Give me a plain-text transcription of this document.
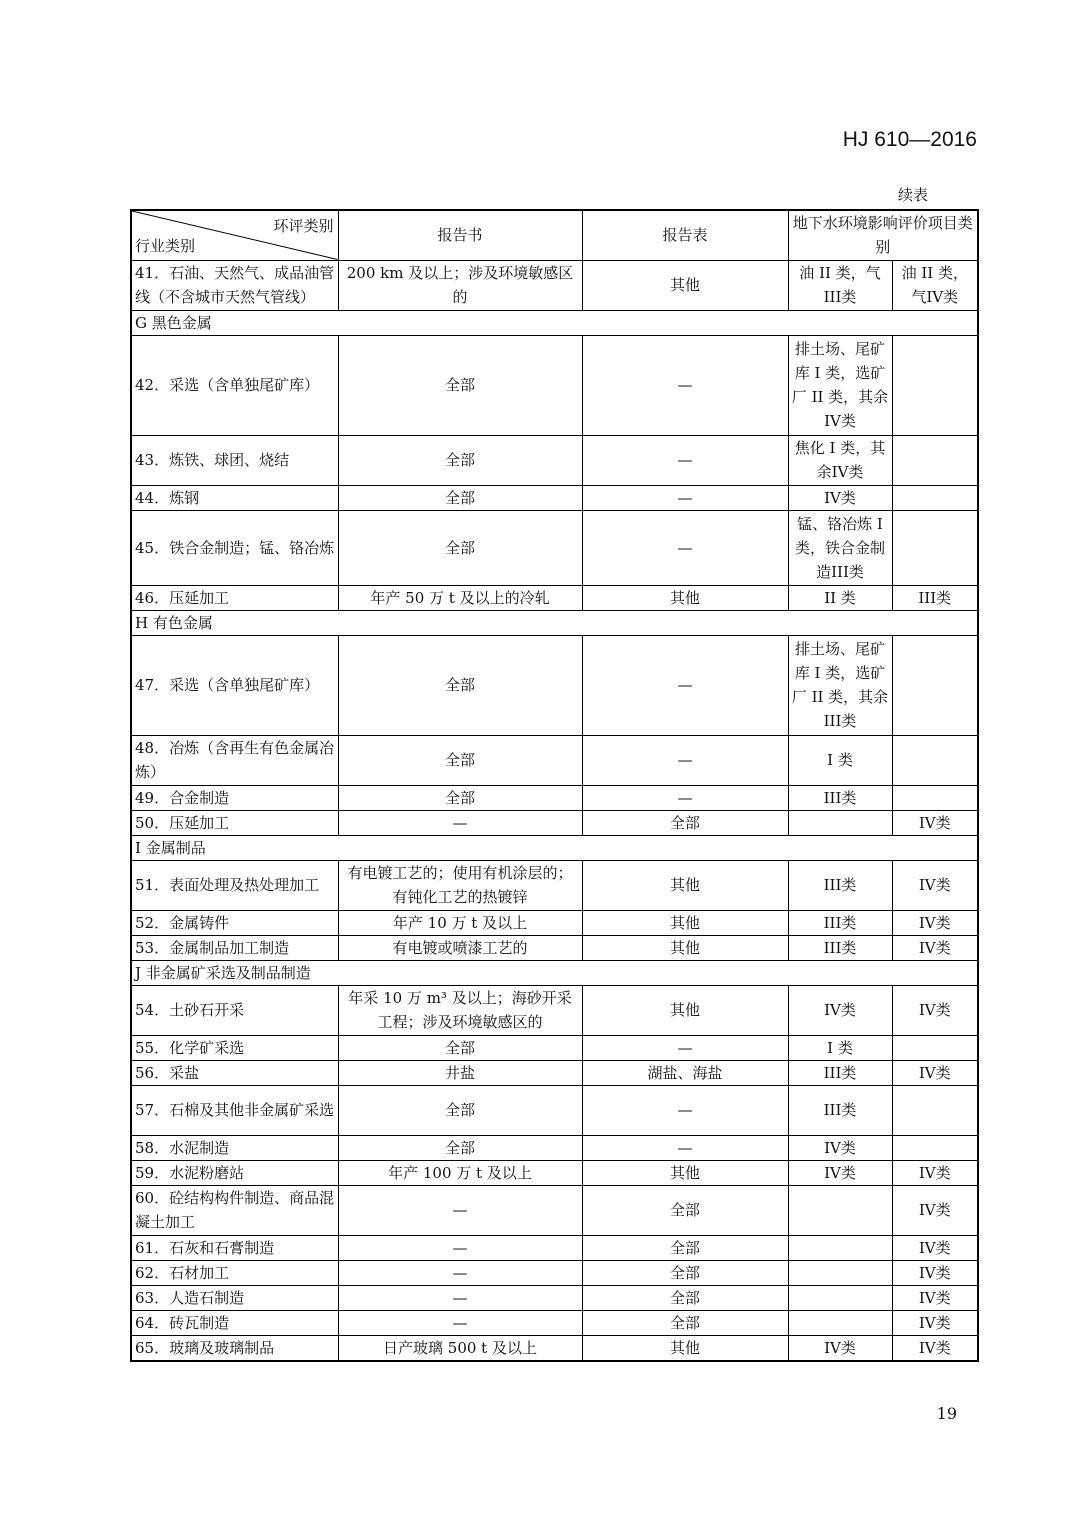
HJ 610—2016
续表
环评类别
行业类别	报告书	报告表	地下水环境影响评价项目类别	
41．石油、天然气、成品油管线（不含城市天然气管线）	200 km 及以上；涉及环境敏感区的	其他	油 II 类，气III类	油 II 类，气IV类
G 黑色金属				
42．采选（含单独尾矿库）	全部	—	排土场、尾矿库 I 类，选矿厂 II 类，其余IV类	
43．炼铁、球团、烧结	全部	—	焦化 I 类，其余IV类	
44．炼钢	全部	—	IV类	
45．铁合金制造；锰、铬冶炼	全部	—	锰、铬冶炼 I 类，铁合金制造III类	
46．压延加工	年产 50 万 t 及以上的冷轧	其他	II 类	III类
H 有色金属				
47．采选（含单独尾矿库）	全部	—	排土场、尾矿库 I 类，选矿厂 II 类，其余III类	
48．冶炼（含再生有色金属冶炼）	全部	—	I 类	
49．合金制造	全部	—	III类	
50．压延加工	—	全部		IV类
I 金属制品				
51．表面处理及热处理加工	有电镀工艺的；使用有机涂层的；有钝化工艺的热镀锌	其他	III类	IV类
52．金属铸件	年产 10 万 t 及以上	其他	III类	IV类
53．金属制品加工制造	有电镀或喷漆工艺的	其他	III类	IV类
J 非金属矿采选及制品制造				
54．土砂石开采	年采 10 万 m³ 及以上；海砂开采工程；涉及环境敏感区的	其他	IV类	IV类
55．化学矿采选	全部	—	I 类	
56．采盐	井盐	湖盐、海盐	III类	IV类
57．石棉及其他非金属矿采选	全部	—	III类	
58．水泥制造	全部	—	IV类	
59．水泥粉磨站	年产 100 万 t 及以上	其他	IV类	IV类
60．砼结构构件制造、商品混凝土加工	—	全部		IV类
61．石灰和石膏制造	—	全部		IV类
62．石材加工	—	全部		IV类
63．人造石制造	—	全部		IV类
64．砖瓦制造	—	全部		IV类
65．玻璃及玻璃制品	日产玻璃 500 t 及以上	其他	IV类	IV类
19
